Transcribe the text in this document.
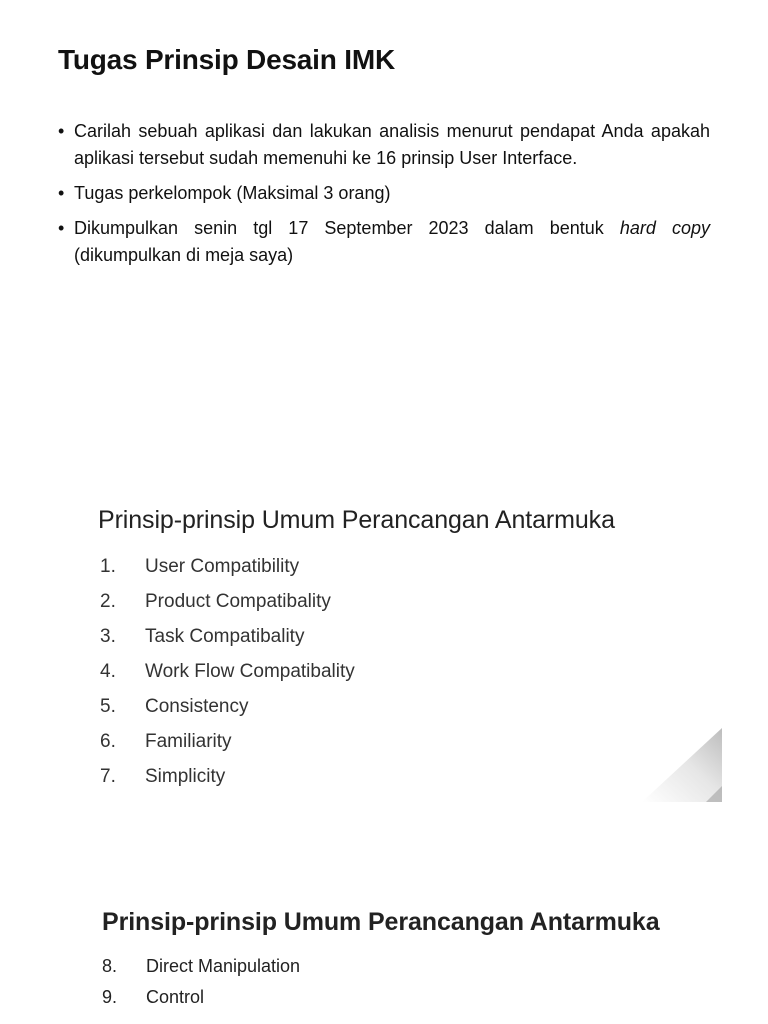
Tugas Prinsip Desain IMK
• Carilah sebuah aplikasi dan lakukan analisis menurut pendapat Anda apakah aplikasi tersebut sudah memenuhi ke 16 prinsip User Interface.
• Tugas perkelompok (Maksimal 3 orang)
• Dikumpulkan senin tgl 17 September 2023 dalam bentuk hard copy (dikumpulkan di meja saya)
Prinsip-prinsip Umum Perancangan Antarmuka
1. User Compatibility
2. Product Compatibality
3. Task Compatibality
4. Work Flow Compatibality
5. Consistency
6. Familiarity
7. Simplicity
Prinsip-prinsip Umum Perancangan Antarmuka
8. Direct Manipulation
9. Control
